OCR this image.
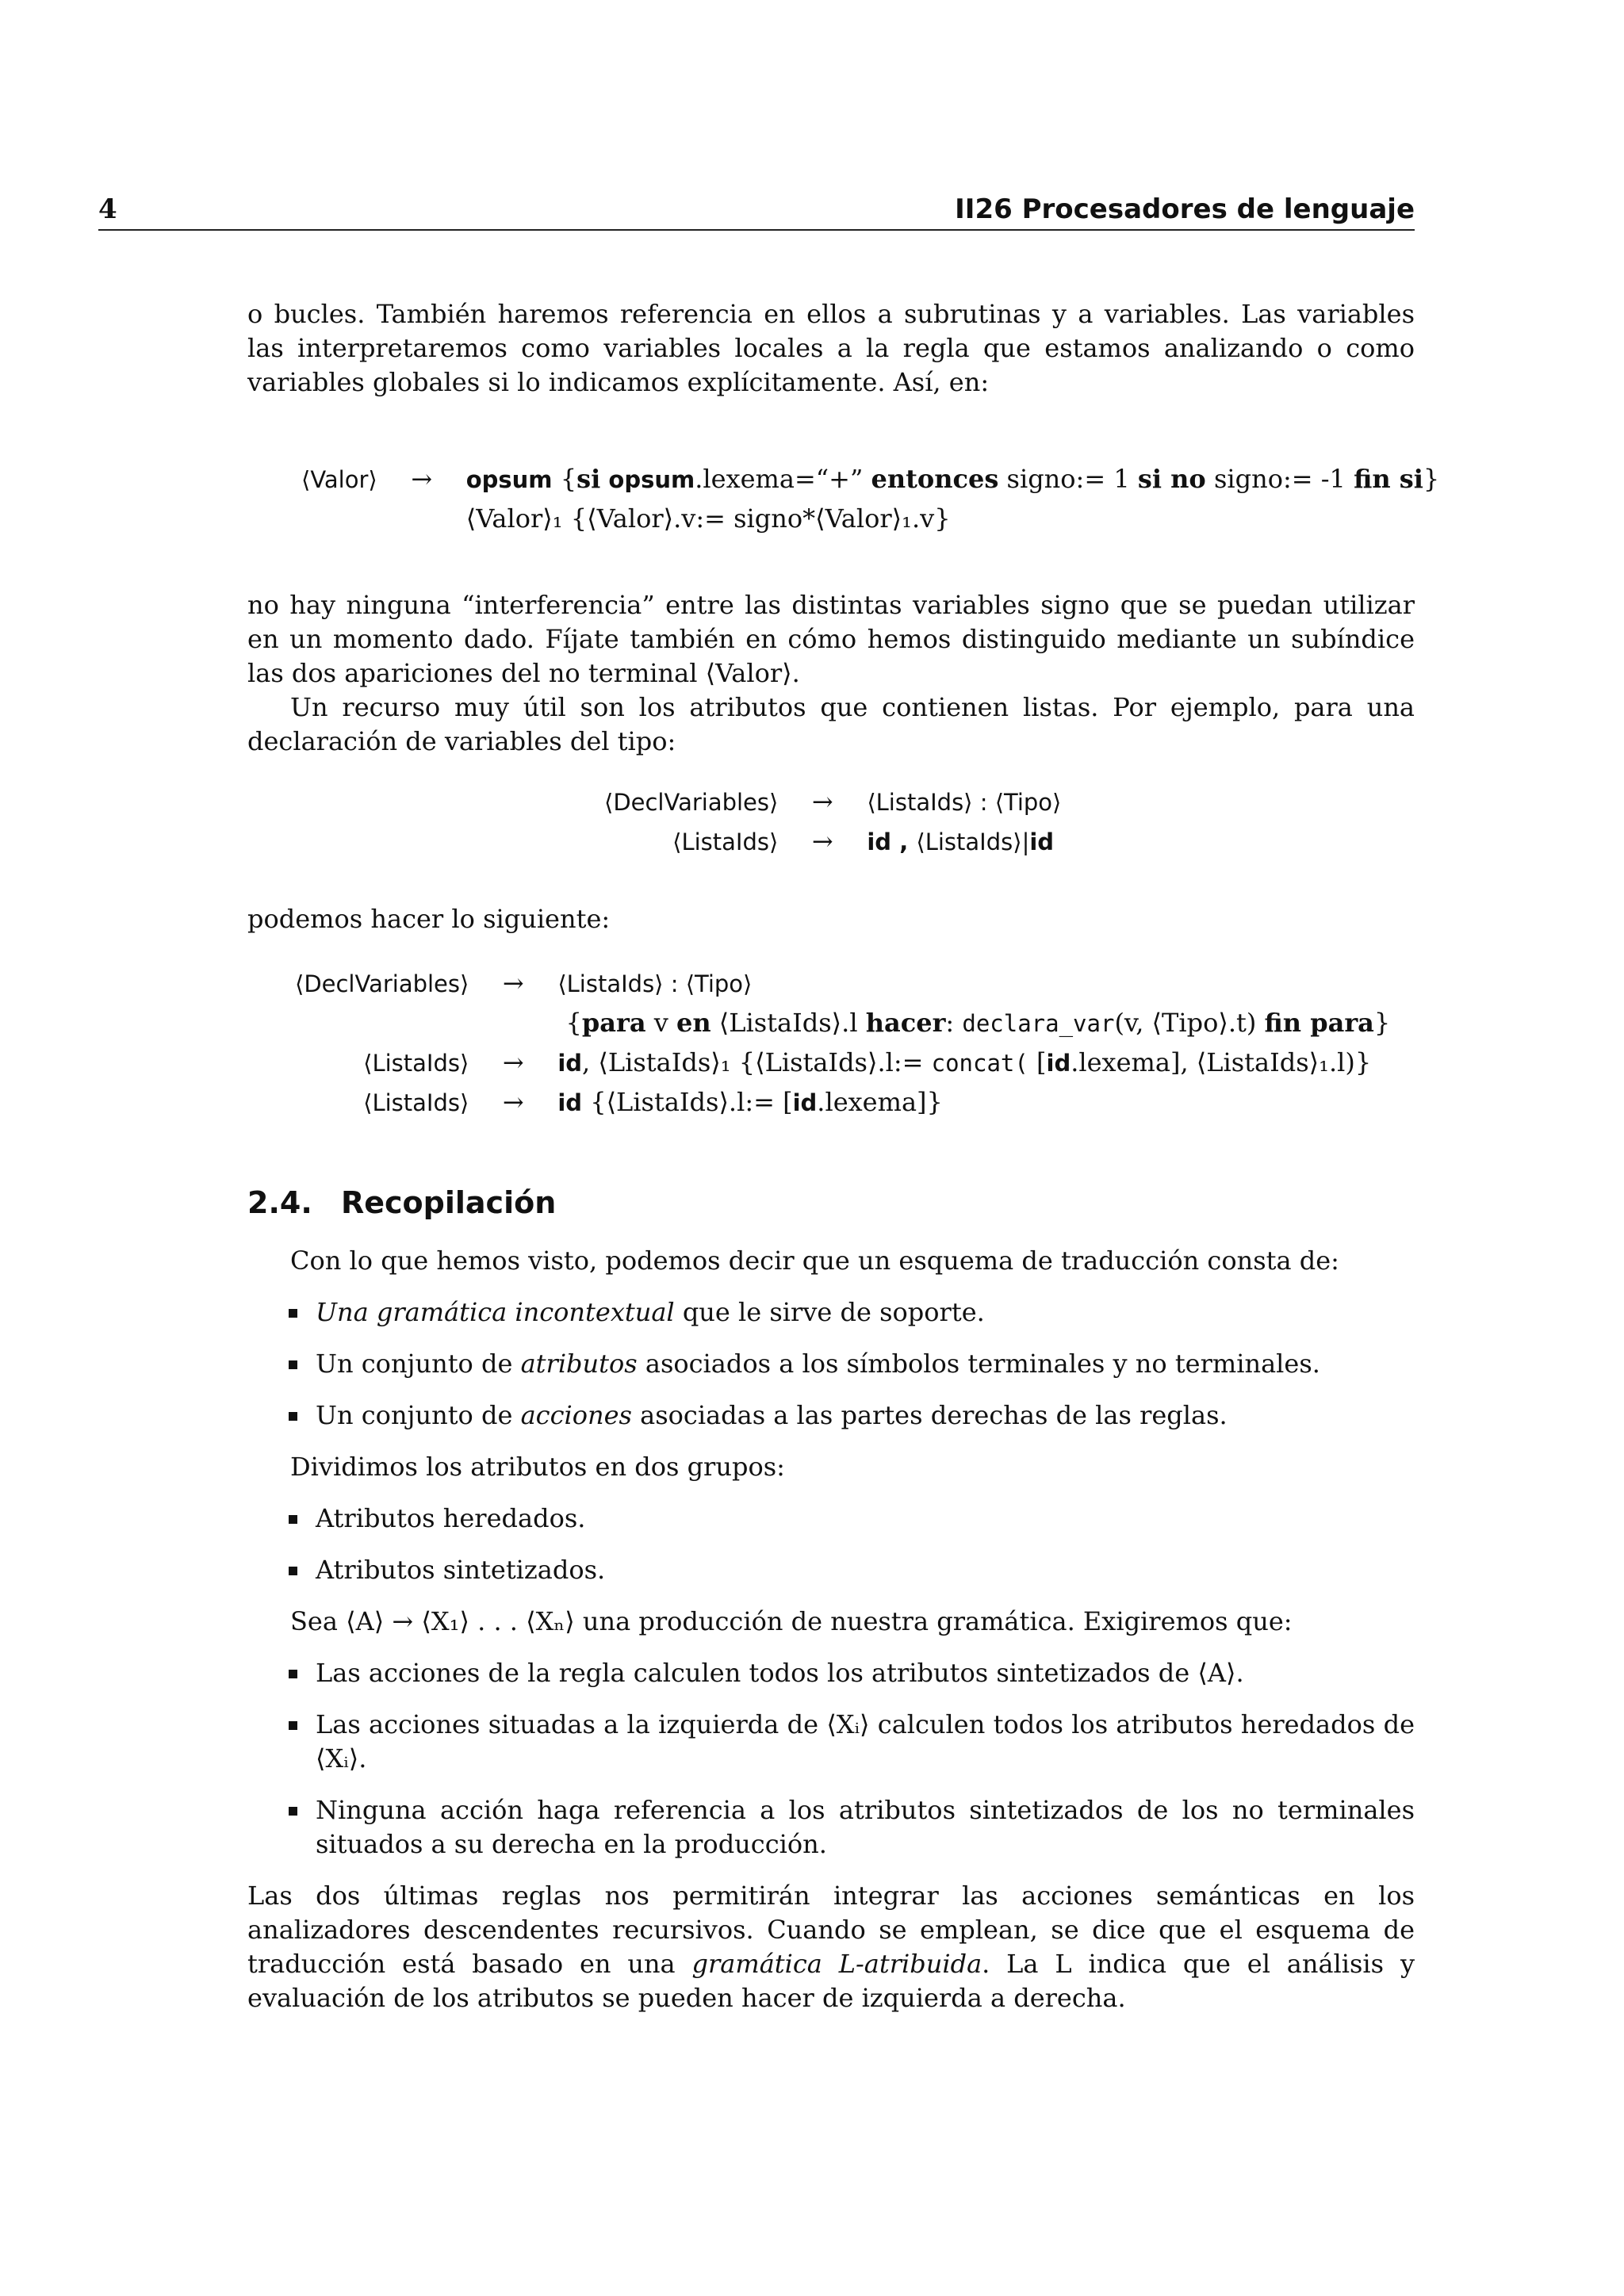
4	II26 Procesadores de lenguaje

o bucles. También haremos referencia en ellos a subrutinas y a variables. Las variables las interpretaremos como variables locales a la regla que estamos analizando o como variables globales si lo indicamos explícitamente. Así, en:

⟨Valor⟩	→	opsum {si opsum.lexema=“+” entonces signo:= 1 si no signo:= -1 fin si}
		⟨Valor⟩₁ {⟨Valor⟩.v:= signo*⟨Valor⟩₁.v}

no hay ninguna “interferencia” entre las distintas variables signo que se puedan utilizar en un momento dado. Fíjate también en cómo hemos distinguido mediante un subíndice las dos apariciones del no terminal ⟨Valor⟩.

Un recurso muy útil son los atributos que contienen listas. Por ejemplo, para una declaración de variables del tipo:

⟨DeclVariables⟩	→	⟨ListaIds⟩ : ⟨Tipo⟩
⟨ListaIds⟩	→	id , ⟨ListaIds⟩|id

podemos hacer lo siguiente:

⟨DeclVariables⟩	→	⟨ListaIds⟩ : ⟨Tipo⟩
		{para v en ⟨ListaIds⟩.l hacer: declara_var(v, ⟨Tipo⟩.t) fin para}
⟨ListaIds⟩	→	id, ⟨ListaIds⟩₁ {⟨ListaIds⟩.l:= concat( [id.lexema], ⟨ListaIds⟩₁.l)}
⟨ListaIds⟩	→	id {⟨ListaIds⟩.l:= [id.lexema]}
2.4. Recopilación

Con lo que hemos visto, podemos decir que un esquema de traducción consta de:

Una gramática incontextual que le sirve de soporte.
Un conjunto de atributos asociados a los símbolos terminales y no terminales.
Un conjunto de acciones asociadas a las partes derechas de las reglas.

Dividimos los atributos en dos grupos:

Atributos heredados.
Atributos sintetizados.

Sea ⟨A⟩ → ⟨X₁⟩ . . . ⟨Xₙ⟩ una producción de nuestra gramática. Exigiremos que:

Las acciones de la regla calculen todos los atributos sintetizados de ⟨A⟩.
Las acciones situadas a la izquierda de ⟨Xᵢ⟩ calculen todos los atributos heredados de ⟨Xᵢ⟩.
Ninguna acción haga referencia a los atributos sintetizados de los no terminales situados a su derecha en la producción.

Las dos últimas reglas nos permitirán integrar las acciones semánticas en los analizadores descendentes recursivos. Cuando se emplean, se dice que el esquema de traducción está basado en una gramática L-atribuida. La L indica que el análisis y evaluación de los atributos se pueden hacer de izquierda a derecha.
